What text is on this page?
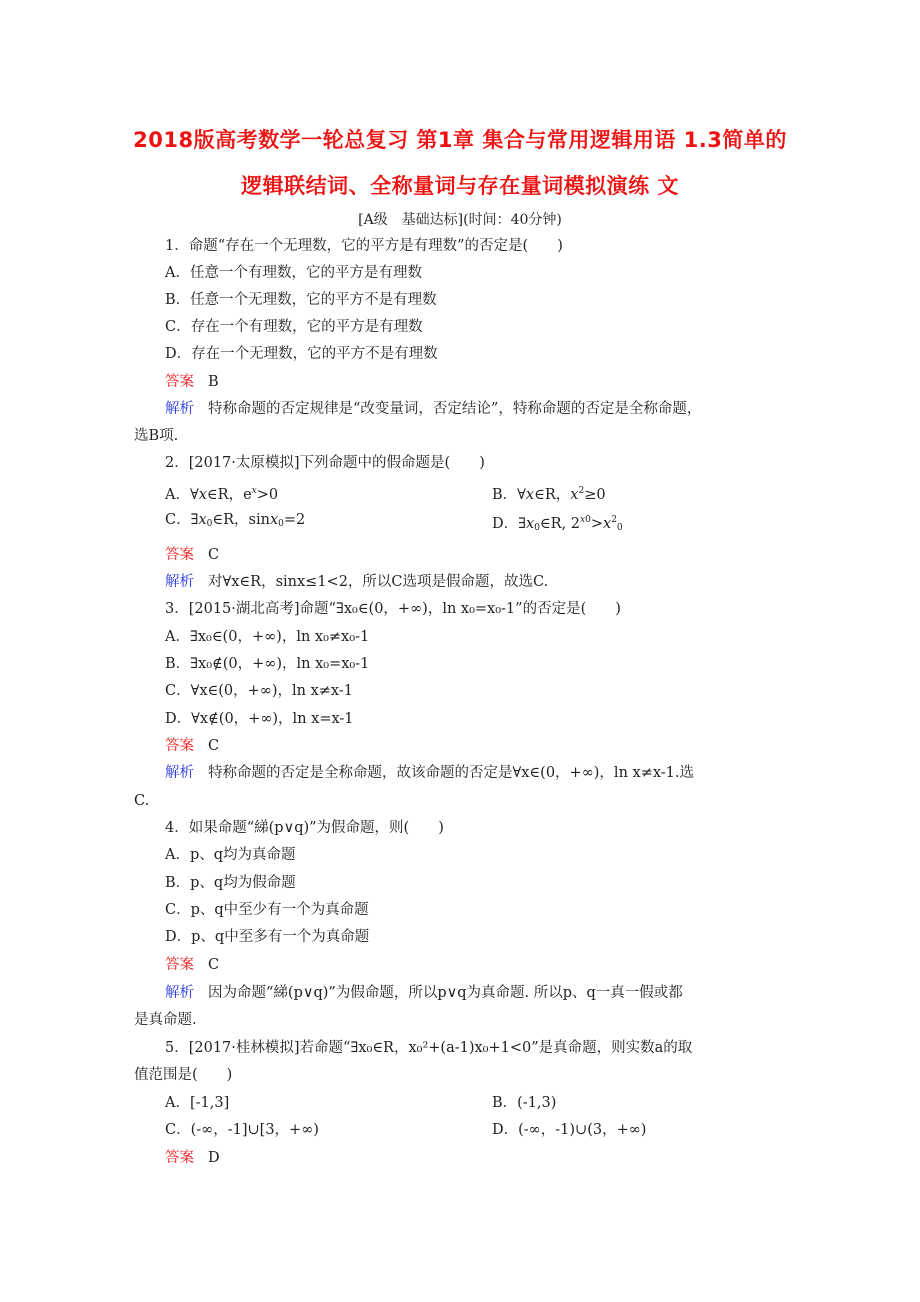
2018版高考数学一轮总复习 第1章 集合与常用逻辑用语 1.3简单的
逻辑联结词、全称量词与存在量词模拟演练 文
[A级　基础达标](时间：40分钟)
1．命题“存在一个无理数，它的平方是有理数”的否定是(　　)
A．任意一个有理数，它的平方是有理数
B．任意一个无理数，它的平方不是有理数
C．存在一个有理数，它的平方是有理数
D．存在一个无理数，它的平方不是有理数
答案 B
解析 特称命题的否定规律是“改变量词，否定结论”，特称命题的否定是全称命题，
选B项.
2．[2017·太原模拟]下列命题中的假命题是(　　)
A．∀x∈R，$e^x>0$	B．∀x∈R，$x^2\ge 0$
C．$\exists x_0\in R$，sinx$_0$=2	D．$\exists x_0\in R$, $2^{x0}>x^2_0$
答案 C
解析 对∀x∈R，sinx≤1<2，所以C选项是假命题，故选C.
3．[2015·湖北高考]命题“∃x₀∈(0，+∞)，ln x₀=x₀-1”的否定是(　　)
A．∃x₀∈(0，+∞)，ln x₀≠x₀-1
B．∃x₀∉(0，+∞)，ln x₀=x₀-1
C．∀x∈(0，+∞)，ln x≠x-1
D．∀x∉(0，+∞)，ln x=x-1
答案 C
解析 特称命题的否定是全称命题，故该命题的否定是∀x∈(0，+∞)，ln x≠x-1.选
C.
4．如果命题“綈(p∨q)”为假命题，则(　　)
A．p、q均为真命题
B．p、q均为假命题
C．p、q中至少有一个为真命题
D．p、q中至多有一个为真命题
答案 C
解析 因为命题“綈(p∨q)”为假命题，所以p∨q为真命题. 所以p、q一真一假或都
是真命题.
5．[2017·桂林模拟]若命题“∃x₀∈R，x₀²+(a-1)x₀+1<0”是真命题，则实数a的取
值范围是(　　)
A．[-1,3]	B．(-1,3)
C．(-∞，-1]∪[3，+∞)	D．(-∞，-1)∪(3，+∞)
答案 D
